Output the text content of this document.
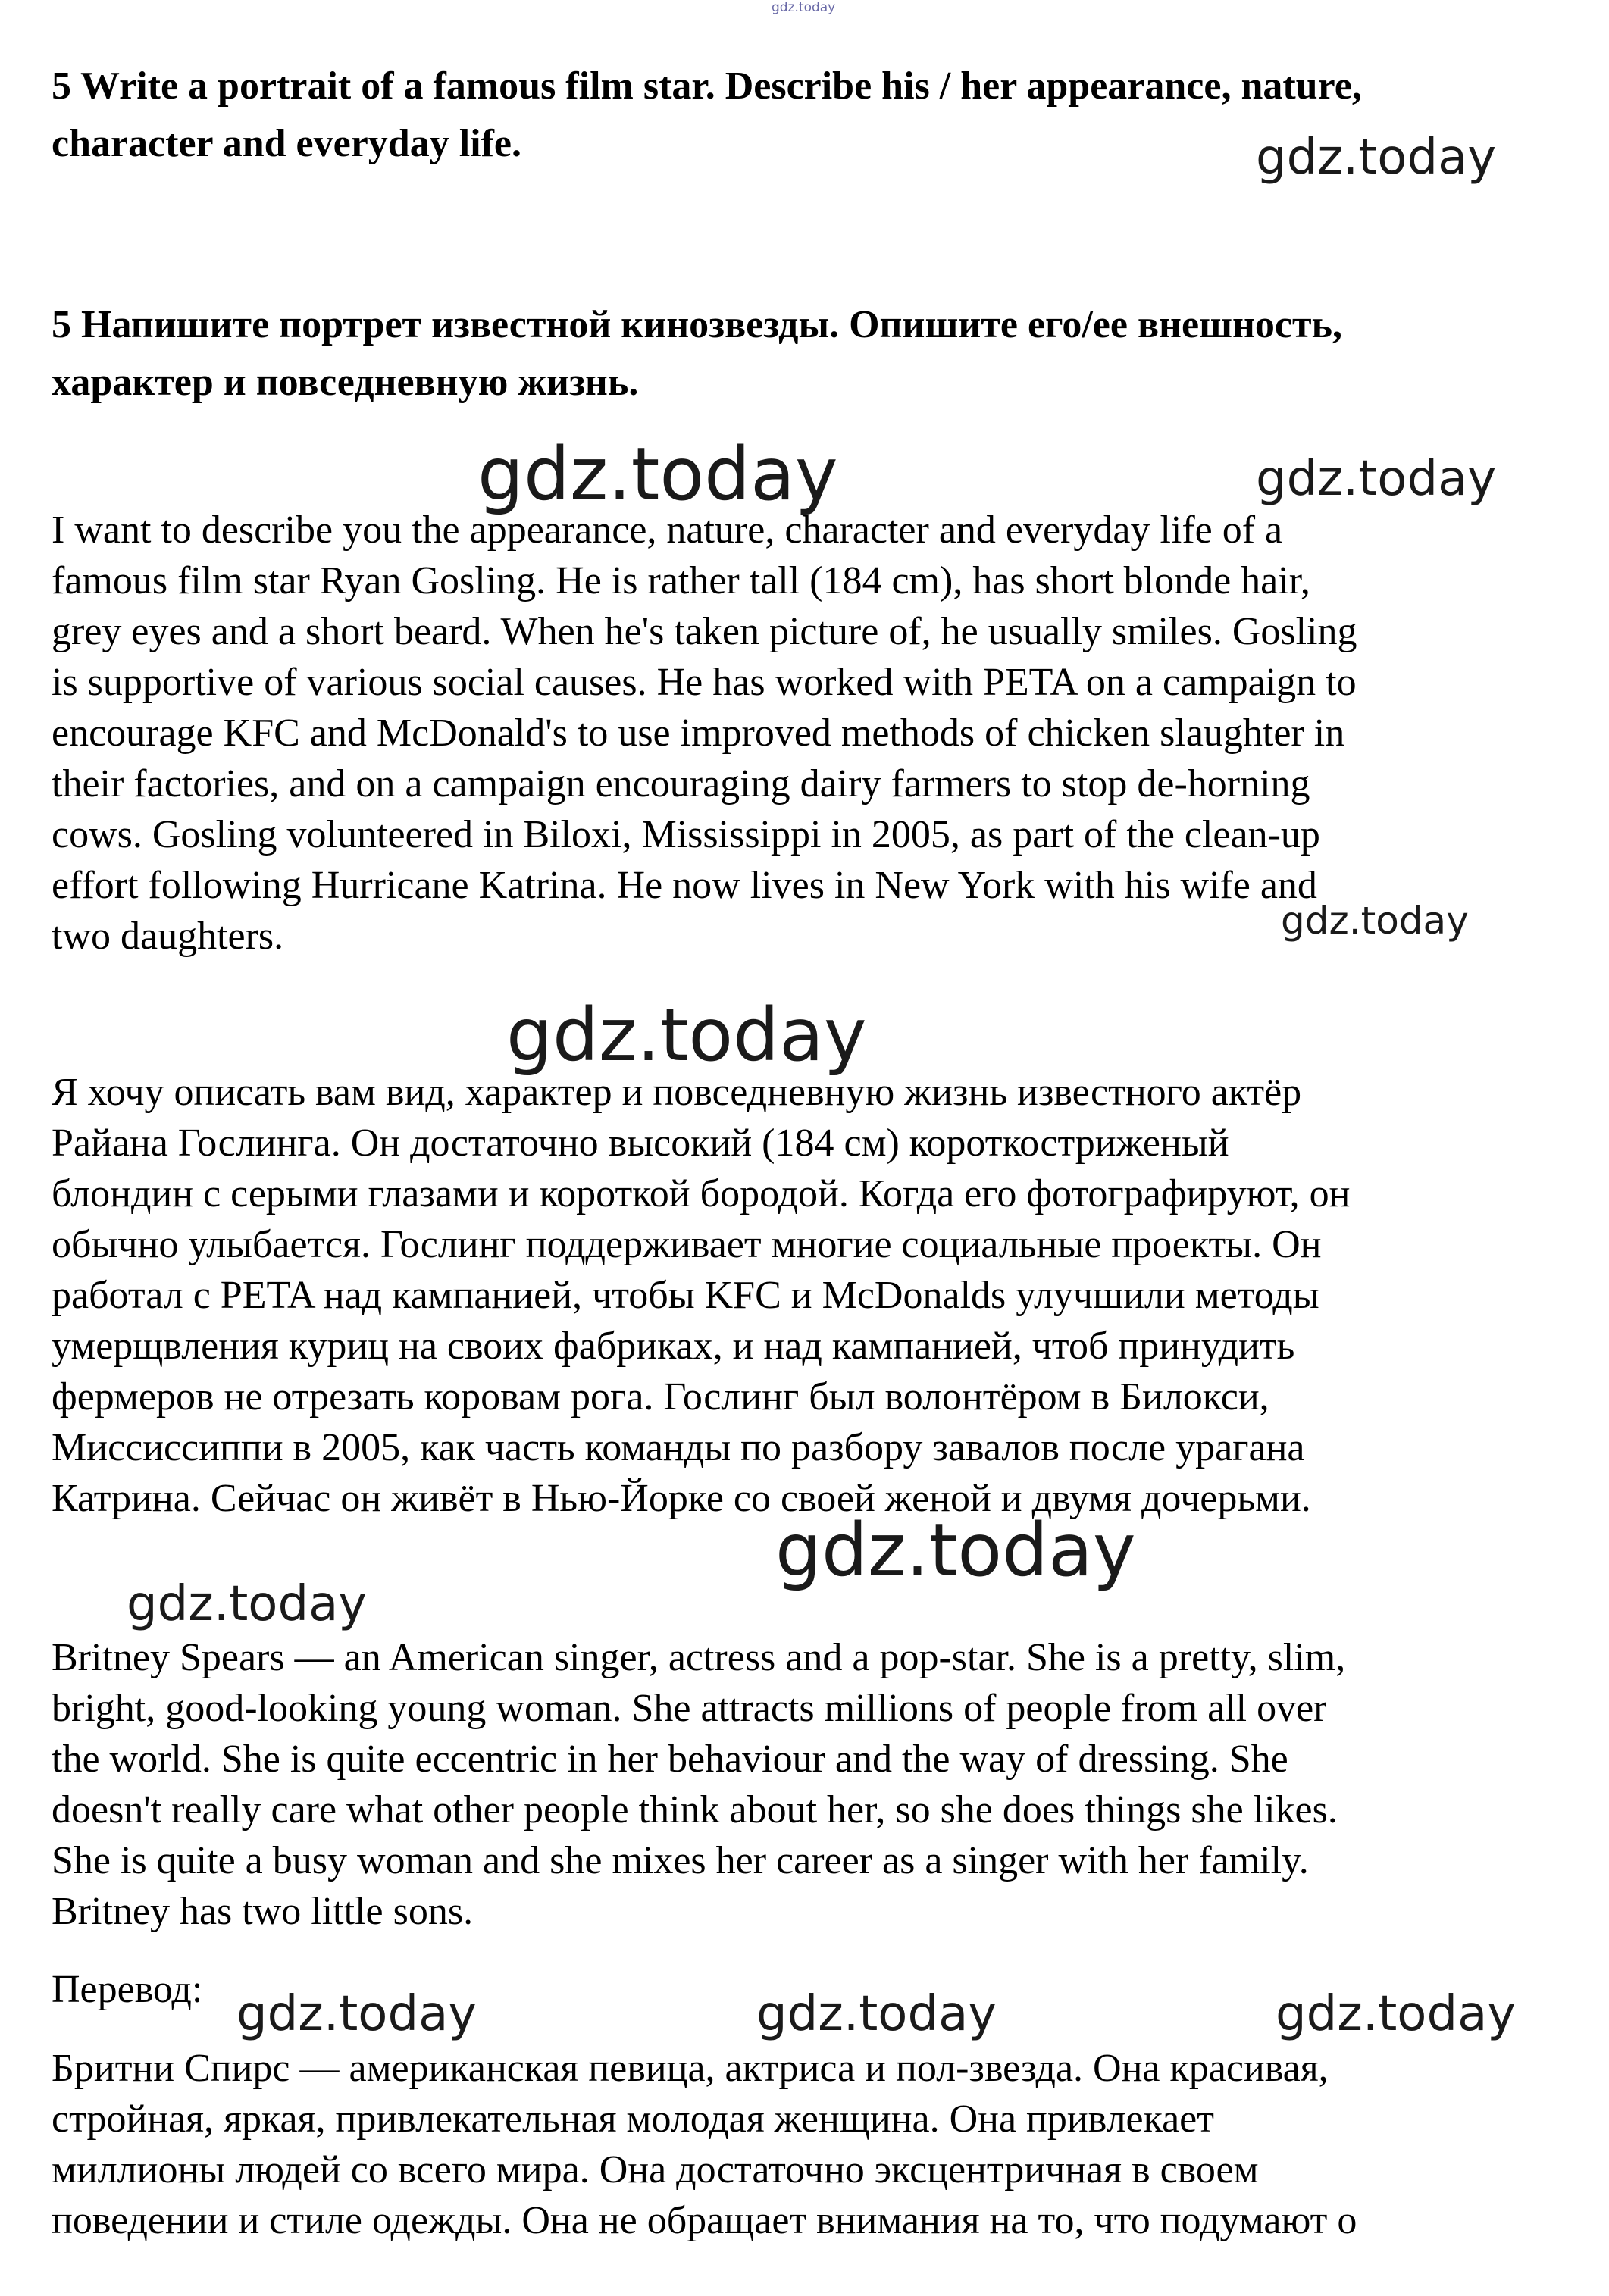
gdz.today
5 Write a portrait of a famous film star. Describe his / her appearance, nature,
character and everyday life.	gdz.today
5 Напишите портрет известной кинозвезды. Опишите его/ее внешность,
характер и повседневную жизнь.
gdz.today	gdz.today
I want to describe you the appearance, nature, character and everyday life of a
famous film star Ryan Gosling. He is rather tall (184 cm), has short blonde hair,
grey eyes and a short beard. When he's taken picture of, he usually smiles. Gosling
is supportive of various social causes. He has worked with PETA on a campaign to
encourage KFC and McDonald's to use improved methods of chicken slaughter in
their factories, and on a campaign encouraging dairy farmers to stop de-horning
cows. Gosling volunteered in Biloxi, Mississippi in 2005, as part of the clean-up
effort following Hurricane Katrina. He now lives in New York with his wife and
two daughters.	gdz.today
gdz.today
Я хочу описать вам вид, характер и повседневную жизнь известного актёр
Райана Гослинга. Он достаточно высокий (184 см) короткостриженый
блондин с серыми глазами и короткой бородой. Когда его фотографируют, он
обычно улыбается. Гослинг поддерживает многие социальные проекты. Он
работал с PETA над кампанией, чтобы KFC и McDonalds улучшили методы
умерщвления куриц на своих фабриках, и над кампанией, чтоб принудить
фермеров не отрезать коровам рога. Гослинг был волонтёром в Билокси,
Миссиссиппи в 2005, как часть команды по разбору завалов после урагана
Катрина. Сейчас он живёт в Нью-Йорке со своей женой и двумя дочерьми.
gdz.today
gdz.today
Britney Spears — an American singer, actress and a pop-star. She is a pretty, slim,
bright, good-looking young woman. She attracts millions of people from all over
the world. She is quite eccentric in her behaviour and the way of dressing. She
doesn't really care what other people think about her, so she does things she likes.
She is quite a busy woman and she mixes her career as a singer with her family.
Britney has two little sons.
Перевод: gdz.today	gdz.today	gdz.today
Бритни Спирс — американская певица, актриса и пол-звезда. Она красивая,
стройная, яркая, привлекательная молодая женщина. Она привлекает
миллионы людей со всего мира. Она достаточно эксцентричная в своем
поведении и стиле одежды. Она не обращает внимания на то, что подумают о
